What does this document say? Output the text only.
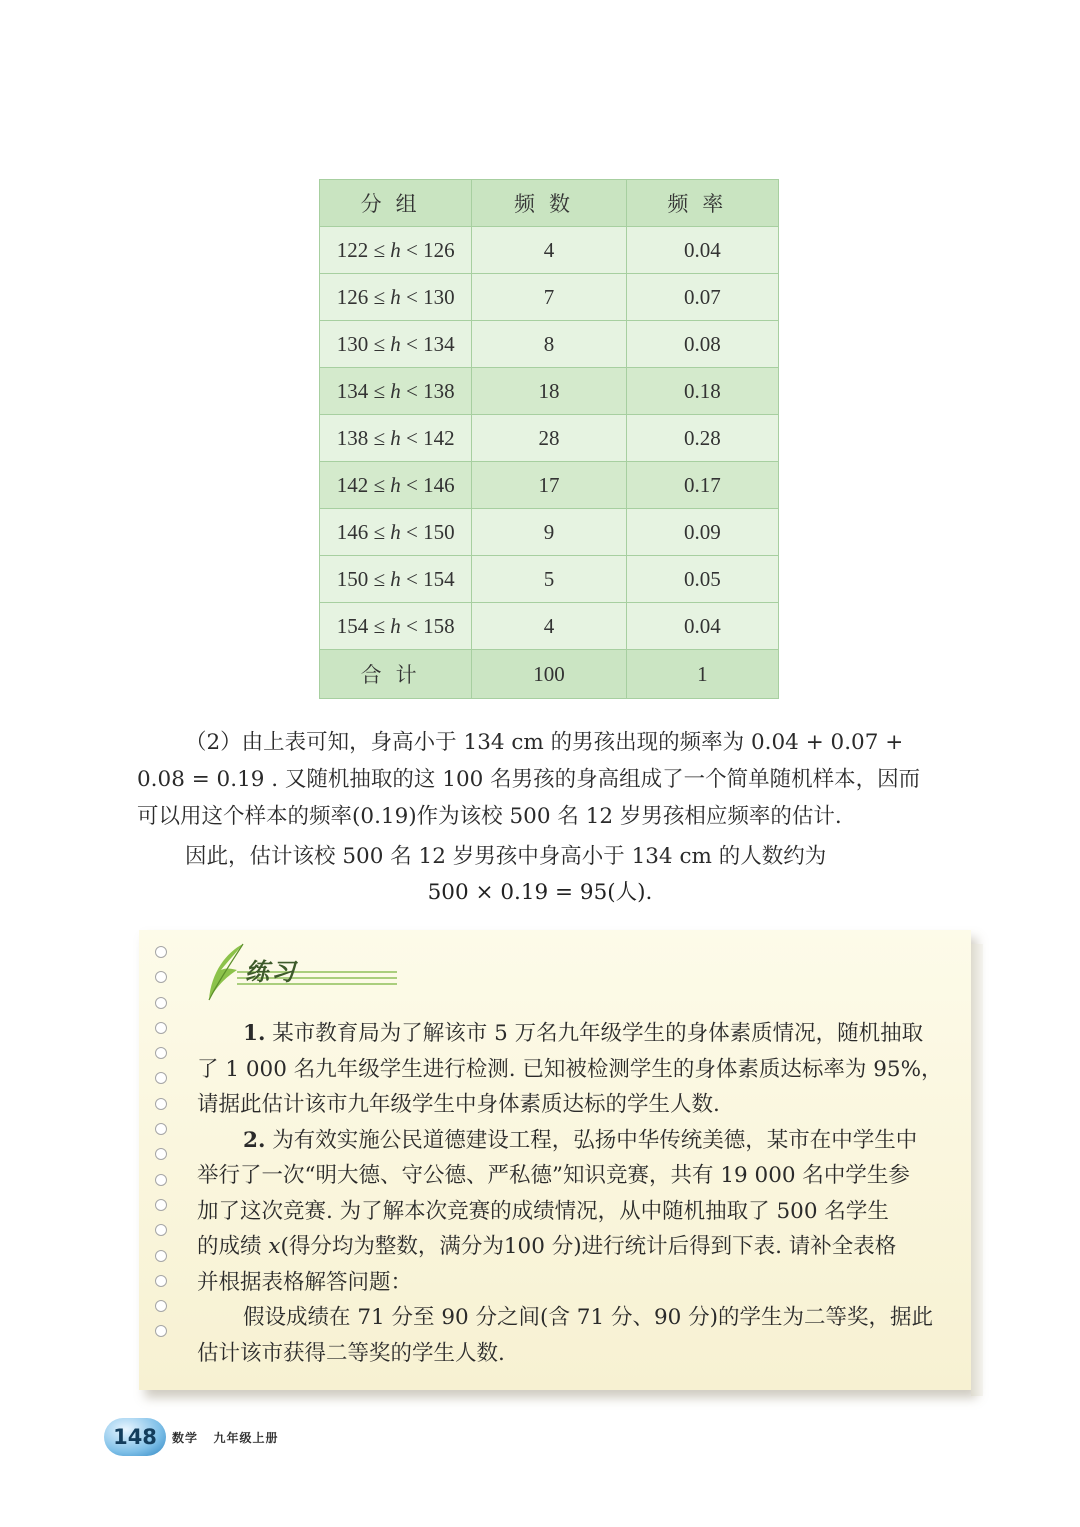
分组	频数	频率
122 ≤ h < 126	4	0.04
126 ≤ h < 130	7	0.07
130 ≤ h < 134	8	0.08
134 ≤ h < 138	18	0.18
138 ≤ h < 142	28	0.28
142 ≤ h < 146	17	0.17
146 ≤ h < 150	9	0.09
150 ≤ h < 154	5	0.05
154 ≤ h < 158	4	0.04
合计	100	1
（2）由上表可知，身高小于 134 cm 的男孩出现的频率为 0.04 + 0.07 +
0.08 = 0.19 . 又随机抽取的这 100 名男孩的身高组成了一个简单随机样本，因而
可以用这个样本的频率(0.19)作为该校 500 名 12 岁男孩相应频率的估计.
因此，估计该校 500 名 12 岁男孩中身高小于 134 cm 的人数约为
500 × 0.19 = 95(人).
练习

1. 某市教育局为了解该市 5 万名九年级学生的身体素质情况，随机抽取

了 1 000 名九年级学生进行检测. 已知被检测学生的身体素质达标率为 95%，

请据此估计该市九年级学生中身体素质达标的学生人数.

2. 为有效实施公民道德建设工程，弘扬中华传统美德，某市在中学生中

举行了一次“明大德、守公德、严私德”知识竞赛，共有 19 000 名中学生参

加了这次竞赛. 为了解本次竞赛的成绩情况，从中随机抽取了 500 名学生

的成绩 x(得分均为整数，满分为100 分)进行统计后得到下表. 请补全表格

并根据表格解答问题：

假设成绩在 71 分至 90 分之间(含 71 分、90 分)的学生为二等奖，据此

估计该市获得二等奖的学生人数.

148	数学   九年级上册
